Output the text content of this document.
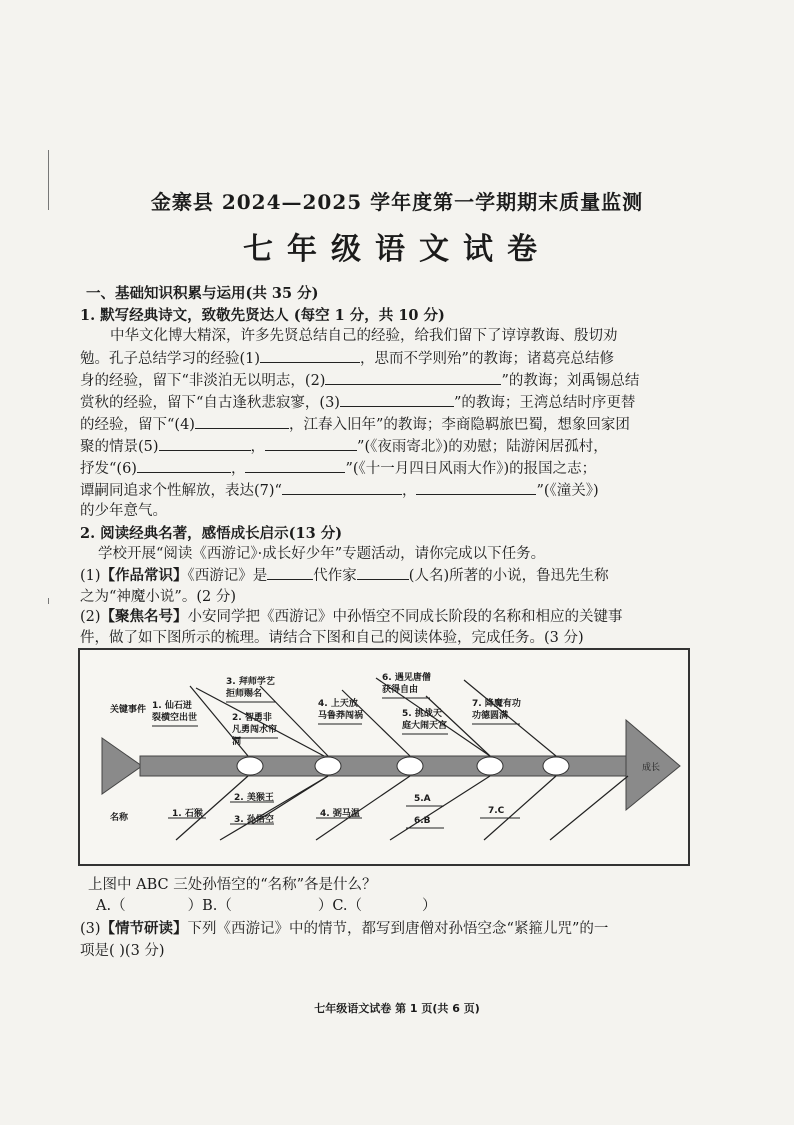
金寨县 2024—2025 学年度第一学期期末质量监测
七年级语文试卷
一、基础知识积累与运用(共 35 分)
1. 默写经典诗文，致敬先贤达人 (每空 1 分，共 10 分)
中华文化博大精深，许多先贤总结自己的经验，给我们留下了谆谆教诲、殷切劝
勉。孔子总结学习的经验(1)	，思而不学则殆”的教诲；诸葛亮总结修
身的经验，留下“非淡泊无以明志，(2)	”的教诲；刘禹锡总结
赏秋的经验，留下“自古逢秋悲寂寥，(3)	”的教诲；王湾总结时序更替
的经验，留下“(4)	，江春入旧年”的教诲；李商隐羁旅巴蜀，想象回家团
聚的情景(5)	，	”(《夜雨寄北》)的劝慰；陆游闲居孤村，
抒发“(6)	，	”(《十一月四日风雨大作》)的报国之志；
谭嗣同追求个性解放，表达(7)“	，	”(《潼关》)
的少年意气。
2. 阅读经典名著，感悟成长启示(13 分)
学校开展“阅读《西游记》·成长好少年”专题活动，请你完成以下任务。
(1)【作品常识】《西游记》是	代作家	(人名)所著的小说，鲁迅先生称
之为“神魔小说”。(2 分)
(2)【聚焦名号】小安同学把《西游记》中孙悟空不同成长阶段的名称和相应的关键事
件，做了如下图所示的梳理。请结合下图和自己的阅读体验，完成任务。(3 分)
关键事件
名称
成长
1. 仙石迸裂横空出世
3. 拜师学艺拒师赐名
2. 智勇非凡勇闯水帘洞
4. 上天放马鲁莽闯祸
6. 遇见唐僧获得自由
5. 挑战天庭大闹天宫
7. 降魔有功功德圆满
1. 石猴
2. 美猴王
3. 孙悟空
4. 弼马温
5.A
6.B
7.C
上图中 ABC 三处孙悟空的“名称”各是什么？
A.（	）B.（	）C.（	）
(3)【情节研读】下列《西游记》中的情节，都写到唐僧对孙悟空念“紧箍儿咒”的一
项是( )(3 分)
七年级语文试卷 第 1 页(共 6 页)
